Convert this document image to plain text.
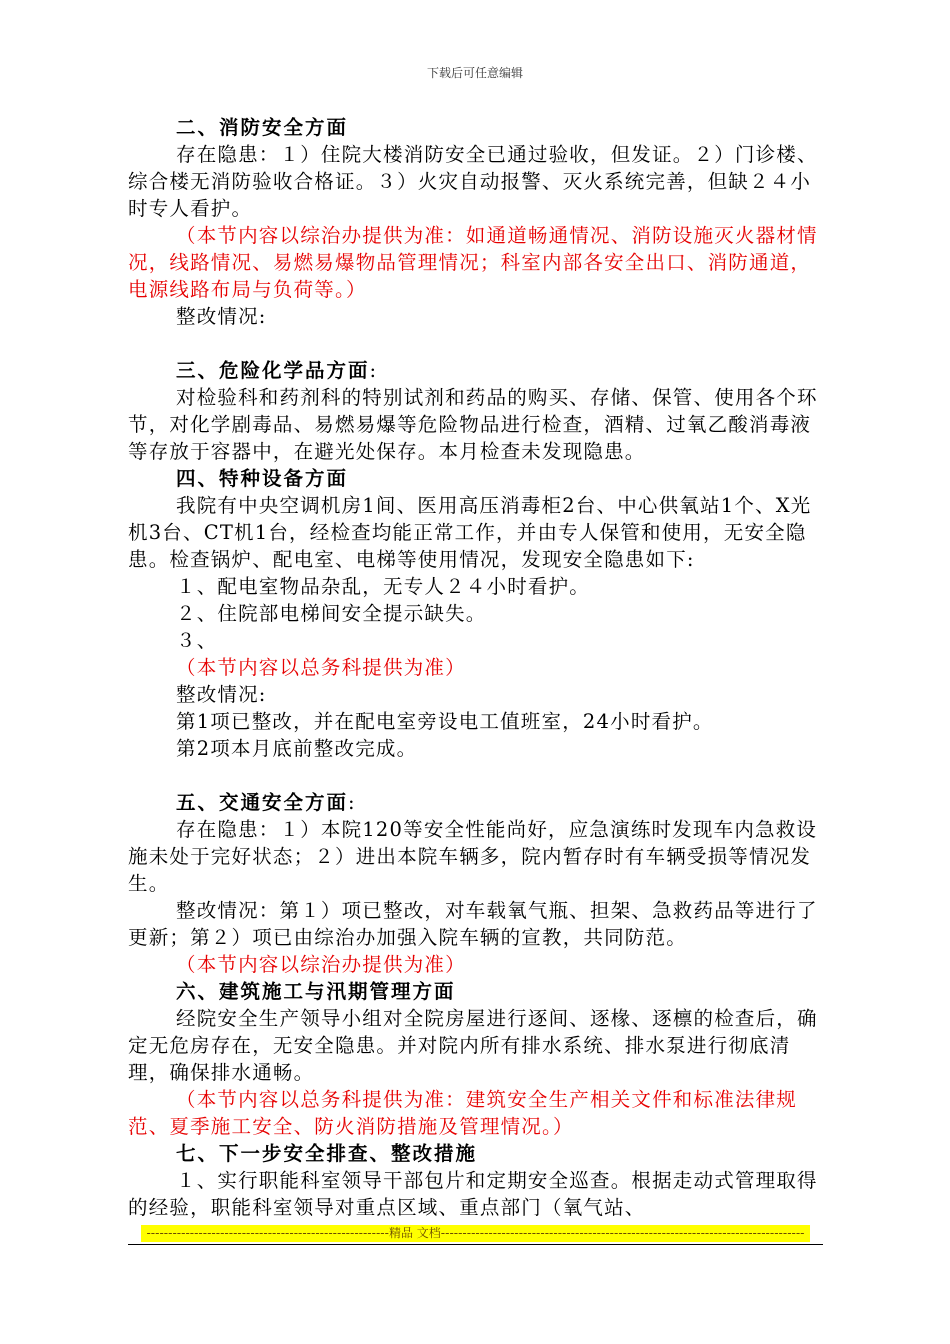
下载后可任意编辑

二、消防安全方面

存在隐患：１）住院大楼消防安全已通过验收，但发证。２）门诊楼、综合楼无消防验收合格证。３）火灾自动报警、灭火系统完善，但缺２４小时专人看护。

（本节内容以综治办提供为准：如通道畅通情况、消防设施灭火器材情况，线路情况、易燃易爆物品管理情况；科室内部各安全出口、消防通道，电源线路布局与负荷等。）

整改情况:

三、危险化学品方面:

对检验科和药剂科的特别试剂和药品的购买、存储、保管、使用各个环节，对化学剧毒品、易燃易爆等危险物品进行检查，酒精、过氧乙酸消毒液等存放于容器中，在避光处保存。本月检查未发现隐患。

四、特种设备方面

我院有中央空调机房1间、医用高压消毒柜2台、中心供氧站1个、X光机3台、CT机1台，经检查均能正常工作，并由专人保管和使用，无安全隐患。检查锅炉、配电室、电梯等使用情况，发现安全隐患如下:

１、配电室物品杂乱，无专人２４小时看护。

２、住院部电梯间安全提示缺失。

３、

（本节内容以总务科提供为准）

整改情况:

第1项已整改，并在配电室旁设电工值班室，24小时看护。

第2项本月底前整改完成。

五、交通安全方面:

存在隐患：１）本院120等安全性能尚好，应急演练时发现车内急救设施未处于完好状态；２）进出本院车辆多，院内暂存时有车辆受损等情况发生。

整改情况：第１）项已整改，对车载氧气瓶、担架、急救药品等进行了更新；第２）项已由综治办加强入院车辆的宣教，共同防范。

（本节内容以综治办提供为准）

六、建筑施工与汛期管理方面

经院安全生产领导小组对全院房屋进行逐间、逐椽、逐檩的检查后，确定无危房存在，无安全隐患。并对院内所有排水系统、排水泵进行彻底清理，确保排水通畅。

（本节内容以总务科提供为准：建筑安全生产相关文件和标准法律规范、夏季施工安全、防火消防措施及管理情况。）

七、下一步安全排查、整改措施

１、实行职能科室领导干部包片和定期安全巡查。根据走动式管理取得的经验，职能科室领导对重点区域、重点部门（氧气站、

--------------------------------------------------------精品 文档------------------------------------------------------------------------------------
